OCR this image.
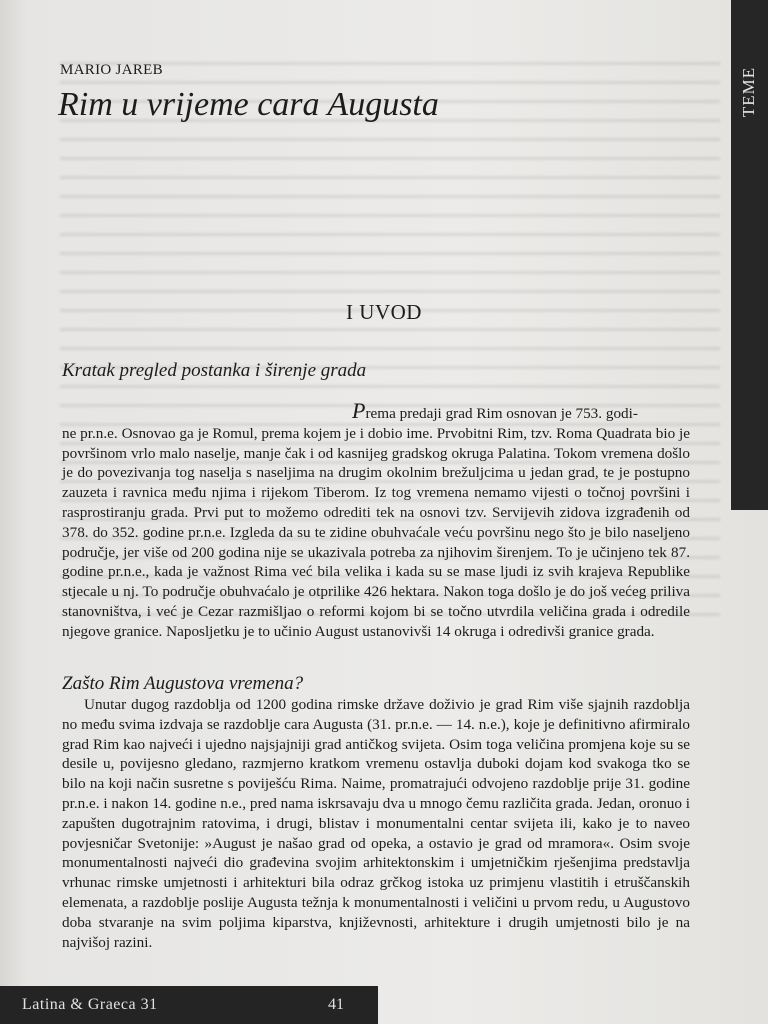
TEME
MARIO JAREB
Rim u vrijeme cara Augusta
I UVOD
Kratak pregled postanka i širenje grada

Prema predaji grad Rim osnovan je 753. godi-
ne pr.n.e. Osnovao ga je Romul, prema kojem je i dobio ime. Prvobitni Rim, tzv. Roma Quadrata bio je površinom vrlo malo naselje, manje čak i od kasnijeg gradskog okruga Palatina. Tokom vremena došlo je do povezivanja tog naselja s naseljima na drugim okolnim brežuljcima u jedan grad, te je postupno zauzeta i ravnica među njima i rijekom Tiberom. Iz tog vremena nemamo vijesti o točnoj površini i rasprostiranju grada. Prvi put to možemo odrediti tek na osnovi tzv. Servijevih zidova izgrađenih od 378. do 352. godine pr.n.e. Izgleda da su te zidine obuhvaćale veću površinu nego što je bilo naseljeno područje, jer više od 200 godina nije se ukazivala potreba za njihovim širenjem. To je učinjeno tek 87. godine pr.n.e., kada je važnost Rima već bila velika i kada su se mase ljudi iz svih krajeva Republike stjecale u nj. To područje obuhvaćalo je otprilike 426 hektara. Nakon toga došlo je do još većeg priliva stanovništva, i već je Cezar razmišljao o reformi kojom bi se točno utvrdila veličina grada i odredile njegove granice. Naposljetku je to učinio August ustanovivši 14 okruga i odredivši granice grada.

Zašto Rim Augustova vremena?

Unutar dugog razdoblja od 1200 godina rimske države doživio je grad Rim više sjajnih razdoblja no među svima izdvaja se razdoblje cara Augusta (31. pr.n.e. — 14. n.e.), koje je definitivno afirmiralo grad Rim kao najveći i ujedno najsjajniji grad antičkog svijeta. Osim toga veličina promjena koje su se desile u, povijesno gledano, razmjerno kratkom vremenu ostavlja duboki dojam kod svakoga tko se bilo na koji način susretne s poviješću Rima. Naime, promatrajući odvojeno razdoblje prije 31. godine pr.n.e. i nakon 14. godine n.e., pred nama iskrsavaju dva u mnogo čemu različita grada. Jedan, oronuo i zapušten dugotrajnim ratovima, i drugi, blistav i monumentalni centar svijeta ili, kako je to naveo povjesničar Svetonije: »August je našao grad od opeka, a ostavio je grad od mramora«. Osim svoje monumentalnosti najveći dio građevina svojim arhitektonskim i umjetničkim rješenjima predstavlja vrhunac rimske umjetnosti i arhitekturi bila odraz grčkog istoka uz primjenu vlastitih i etruščanskih elemenata, a razdoblje poslije Augusta težnja k monumentalnosti i veličini u prvom redu, u Augustovo doba stvaranje na svim poljima kiparstva, književnosti, arhitekture i drugih umjetnosti bilo je na najvišoj razini.

Latina & Graeca 31	41
